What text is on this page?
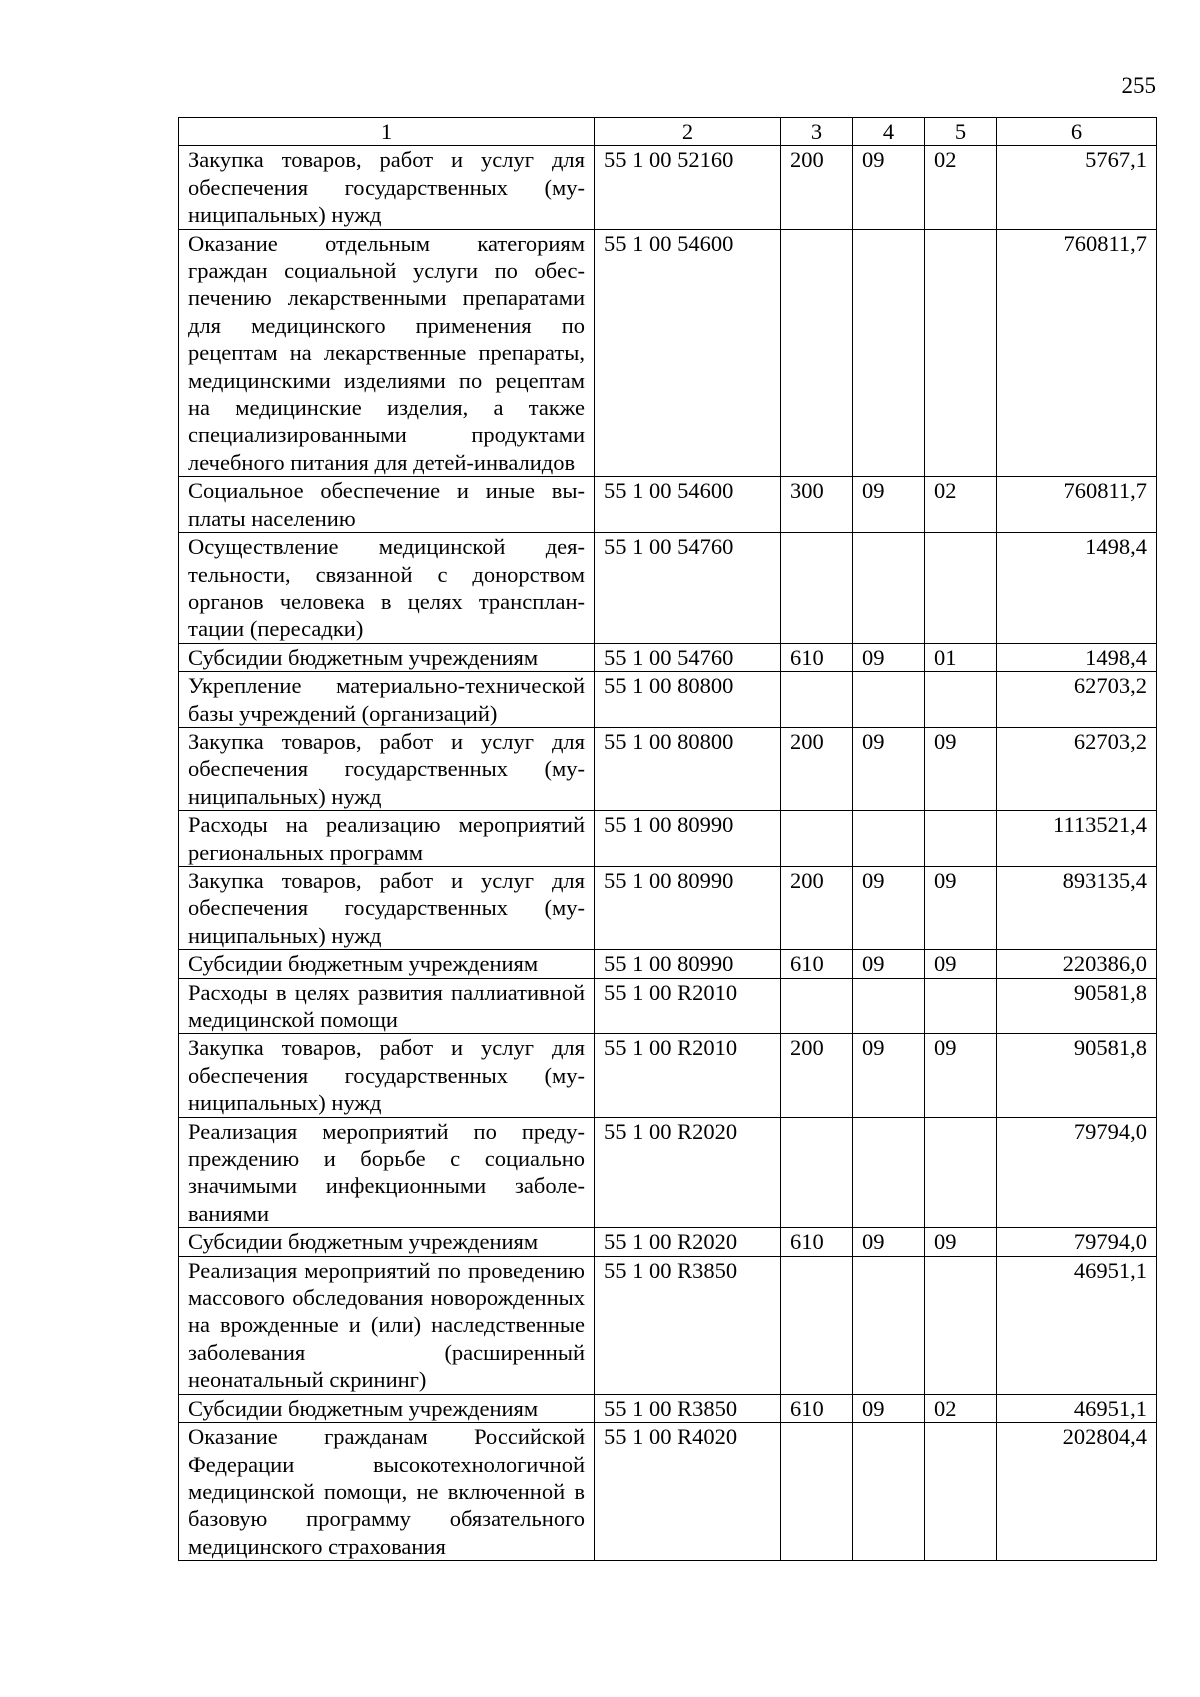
255
1	2	3	4	5	6
Закупка товаров, работ и услуг для обеспечения государственных (муниципальных) нужд	55 1 00 52160	200	09	02	5767,1
Оказание отдельным категориям граждан социальной услуги по обеспечению лекарственными препаратами для медицинского применения по рецептам на лекарственные препараты, медицинскими изделиями по рецептам на медицинские изделия, а также специализированными продуктами лечебного питания для детей-инвалидов	55 1 00 54600				760811,7
Социальное обеспечение и иные выплаты населению	55 1 00 54600	300	09	02	760811,7
Осуществление медицинской деятельности, связанной с донорством органов человека в целях трансплантации (пересадки)	55 1 00 54760				1498,4
Субсидии бюджетным учреждениям	55 1 00 54760	610	09	01	1498,4
Укрепление материально-технической базы учреждений (организаций)	55 1 00 80800				62703,2
Закупка товаров, работ и услуг для обеспечения государственных (муниципальных) нужд	55 1 00 80800	200	09	09	62703,2
Расходы на реализацию мероприятий региональных программ	55 1 00 80990				1113521,4
Закупка товаров, работ и услуг для обеспечения государственных (муниципальных) нужд	55 1 00 80990	200	09	09	893135,4
Субсидии бюджетным учреждениям	55 1 00 80990	610	09	09	220386,0
Расходы в целях развития паллиативной медицинской помощи	55 1 00 R2010				90581,8
Закупка товаров, работ и услуг для обеспечения государственных (муниципальных) нужд	55 1 00 R2010	200	09	09	90581,8
Реализация мероприятий по предупреждению и борьбе с социально значимыми инфекционными заболеваниями	55 1 00 R2020				79794,0
Субсидии бюджетным учреждениям	55 1 00 R2020	610	09	09	79794,0
Реализация мероприятий по проведению массового обследования новорожденных на врожденные и (или) наследственные заболевания (расширенный неонатальный скрининг)	55 1 00 R3850				46951,1
Субсидии бюджетным учреждениям	55 1 00 R3850	610	09	02	46951,1
Оказание гражданам Российской Федерации высокотехнологичной медицинской помощи, не включенной в базовую программу обязательного медицинского страхования	55 1 00 R4020				202804,4
